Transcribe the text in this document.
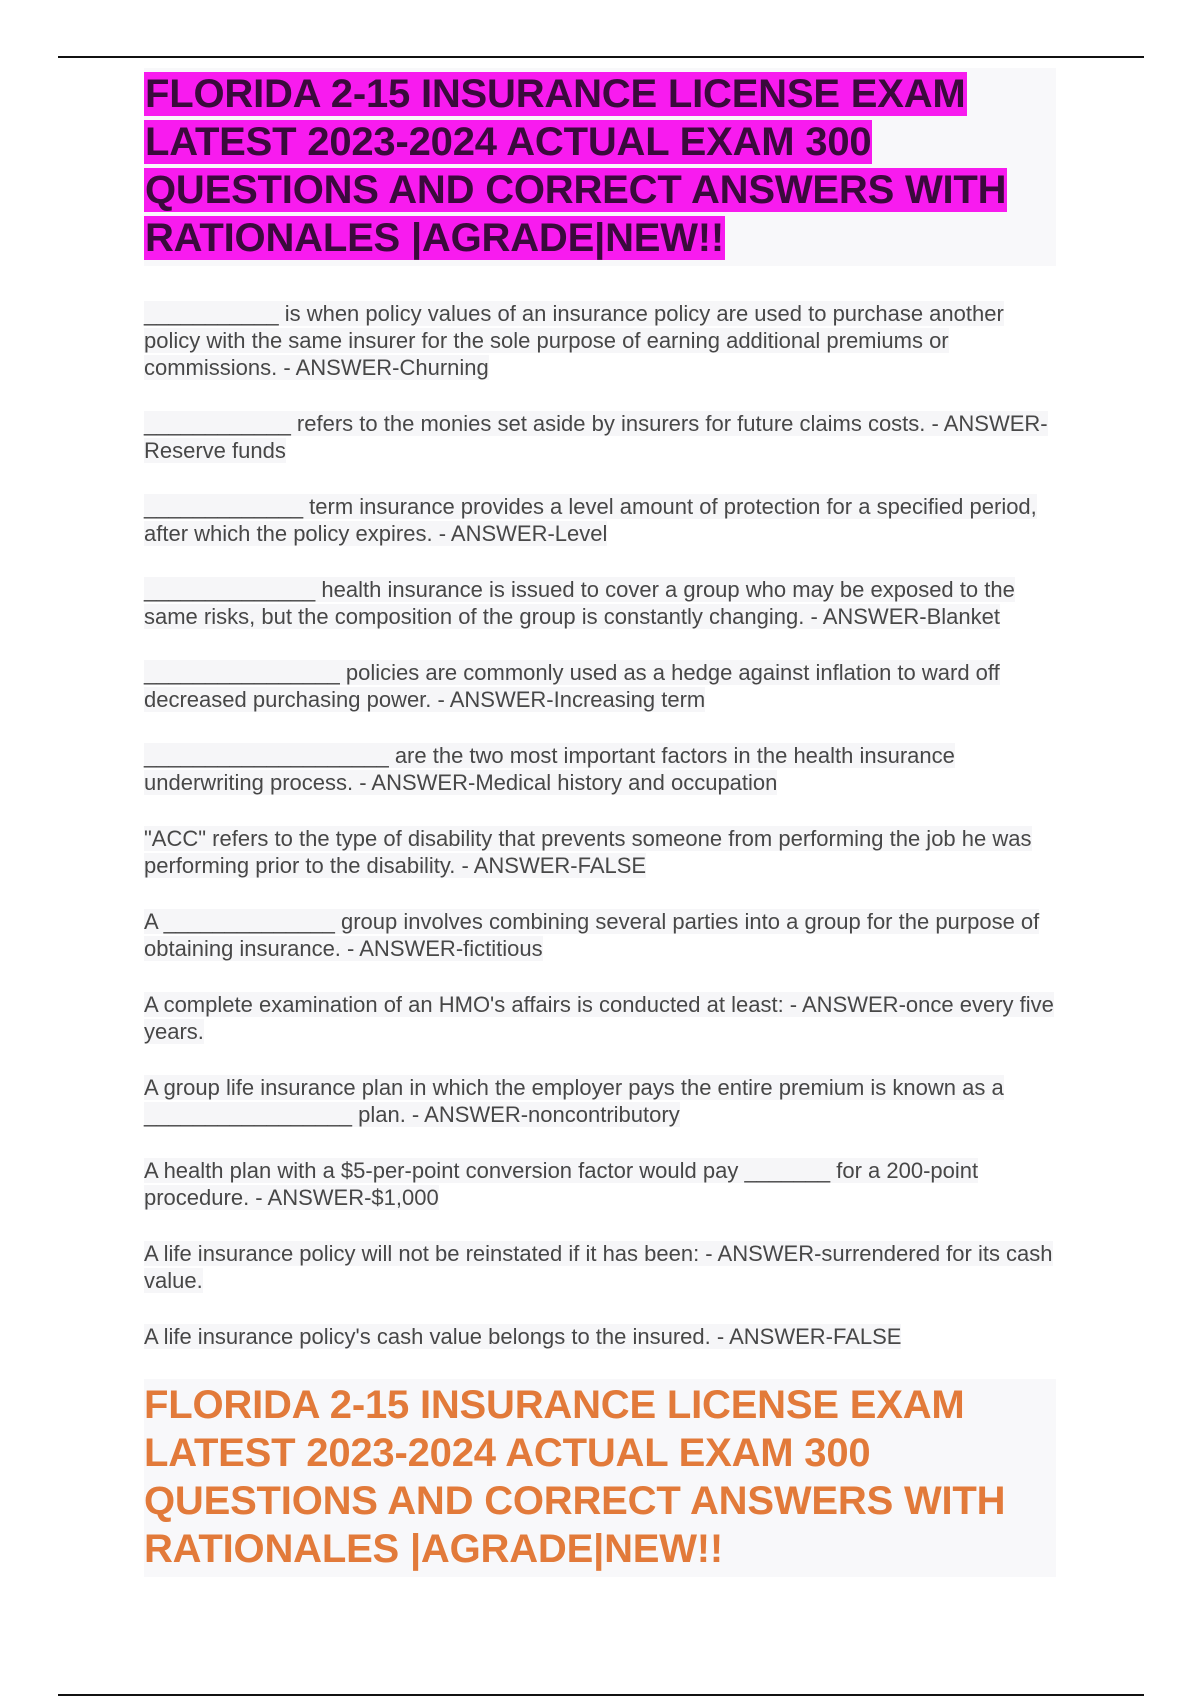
FLORIDA 2-15 INSURANCE LICENSE EXAM LATEST 2023-2024 ACTUAL EXAM 300 QUESTIONS AND CORRECT ANSWERS WITH RATIONALES |AGRADE|NEW!!

___________ is when policy values of an insurance policy are used to purchase another policy with the same insurer for the sole purpose of earning additional premiums or commissions. - ANSWER-Churning

____________ refers to the monies set aside by insurers for future claims costs. - ANSWER-Reserve funds

_____________ term insurance provides a level amount of protection for a specified period, after which the policy expires. - ANSWER-Level

______________ health insurance is issued to cover a group who may be exposed to the same risks, but the composition of the group is constantly changing. - ANSWER-Blanket

________________ policies are commonly used as a hedge against inflation to ward off decreased purchasing power. - ANSWER-Increasing term

____________________ are the two most important factors in the health insurance underwriting process. - ANSWER-Medical history and occupation

"ACC" refers to the type of disability that prevents someone from performing the job he was performing prior to the disability. - ANSWER-FALSE

A ______________ group involves combining several parties into a group for the purpose of obtaining insurance. - ANSWER-fictitious

A complete examination of an HMO's affairs is conducted at least: - ANSWER-once every five years.

A group life insurance plan in which the employer pays the entire premium is known as a _________________ plan. - ANSWER-noncontributory

A health plan with a $5-per-point conversion factor would pay _______ for a 200-point procedure. - ANSWER-$1,000

A life insurance policy will not be reinstated if it has been: - ANSWER-surrendered for its cash value.

A life insurance policy's cash value belongs to the insured. - ANSWER-FALSE

FLORIDA 2-15 INSURANCE LICENSE EXAM LATEST 2023-2024 ACTUAL EXAM 300 QUESTIONS AND CORRECT ANSWERS WITH RATIONALES |AGRADE|NEW!!
